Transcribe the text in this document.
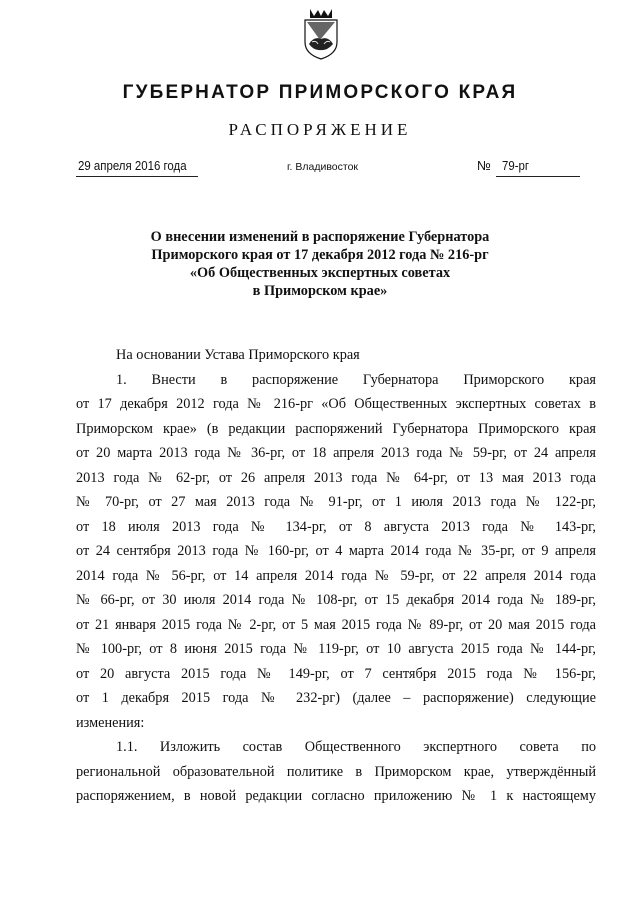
ГУБЕРНАТОР ПРИМОРСКОГО КРАЯ
РАСПОРЯЖЕНИЕ
29 апреля 2016 года	г. Владивосток	№ 79-рг
О внесении изменений в распоряжение Губернатора
Приморского края от 17 декабря 2012 года № 216-рг
«Об Общественных экспертных советах
в Приморском крае»
На основании Устава Приморского края
1. Внести в распоряжение Губернатора Приморского края
от 17 декабря 2012 года № 216-рг «Об Общественных экспертных советах в
Приморском крае» (в редакции распоряжений Губернатора Приморского края
от 20 марта 2013 года № 36-рг, от 18 апреля 2013 года № 59-рг, от 24 апреля
2013 года № 62-рг, от 26 апреля 2013 года № 64-рг, от 13 мая 2013 года
№ 70-рг, от 27 мая 2013 года № 91-рг, от 1 июля 2013 года № 122-рг,
от 18 июля 2013 года № 134-рг, от 8 августа 2013 года № 143-рг,
от 24 сентября 2013 года № 160-рг, от 4 марта 2014 года № 35-рг, от 9 апреля
2014 года № 56-рг, от 14 апреля 2014 года № 59-рг, от 22 апреля 2014 года
№ 66-рг, от 30 июля 2014 года № 108-рг, от 15 декабря 2014 года № 189-рг,
от 21 января 2015 года № 2-рг, от 5 мая 2015 года № 89-рг, от 20 мая 2015 года
№ 100-рг, от 8 июня 2015 года № 119-рг, от 10 августа 2015 года № 144-рг,
от 20 августа 2015 года № 149-рг, от 7 сентября 2015 года № 156-рг,
от 1 декабря 2015 года № 232-рг) (далее – распоряжение) следующие
изменения:
1.1. Изложить состав Общественного экспертного совета по
региональной образовательной политике в Приморском крае, утверждённый
распоряжением, в новой редакции согласно приложению № 1 к настоящему
